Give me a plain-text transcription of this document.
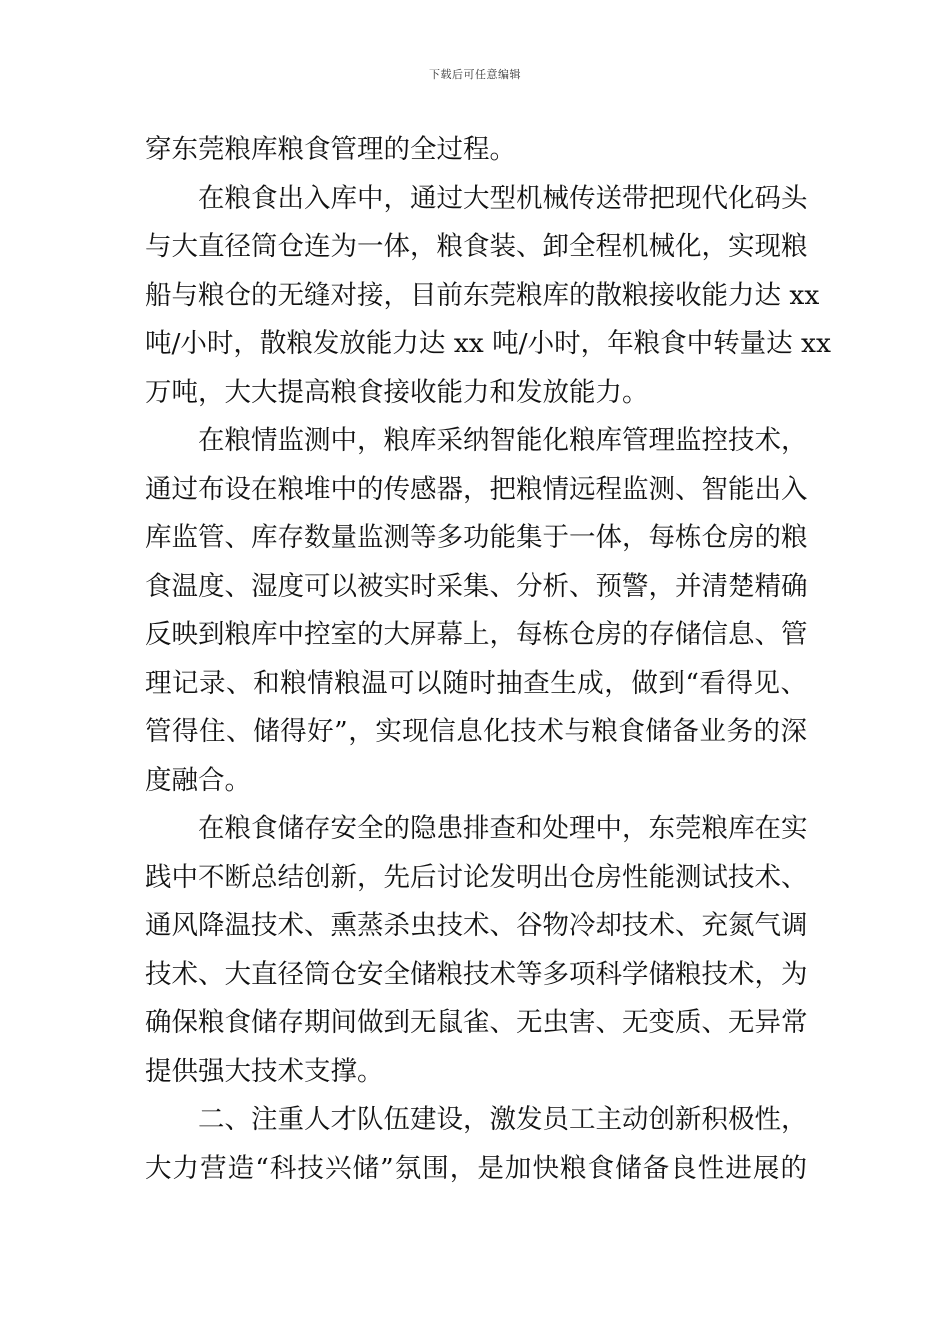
下载后可任意编辑
穿东莞粮库粮食管理的全过程。
在粮食出入库中，通过大型机械传送带把现代化码头
与大直径筒仓连为一体，粮食装、卸全程机械化，实现粮
船与粮仓的无缝对接，目前东莞粮库的散粮接收能力达 xx
吨/小时，散粮发放能力达 xx 吨/小时，年粮食中转量达 xx
万吨，大大提高粮食接收能力和发放能力。
在粮情监测中，粮库采纳智能化粮库管理监控技术，
通过布设在粮堆中的传感器，把粮情远程监测、智能出入
库监管、库存数量监测等多功能集于一体，每栋仓房的粮
食温度、湿度可以被实时采集、分析、预警，并清楚精确
反映到粮库中控室的大屏幕上，每栋仓房的存储信息、管
理记录、和粮情粮温可以随时抽查生成，做到“看得见、
管得住、储得好”，实现信息化技术与粮食储备业务的深
度融合。
在粮食储存安全的隐患排查和处理中，东莞粮库在实
践中不断总结创新，先后讨论发明出仓房性能测试技术、
通风降温技术、熏蒸杀虫技术、谷物冷却技术、充氮气调
技术、大直径筒仓安全储粮技术等多项科学储粮技术，为
确保粮食储存期间做到无鼠雀、无虫害、无变质、无异常
提供强大技术支撑。
二、注重人才队伍建设，激发员工主动创新积极性，
大力营造“科技兴储”氛围，是加快粮食储备良性进展的
